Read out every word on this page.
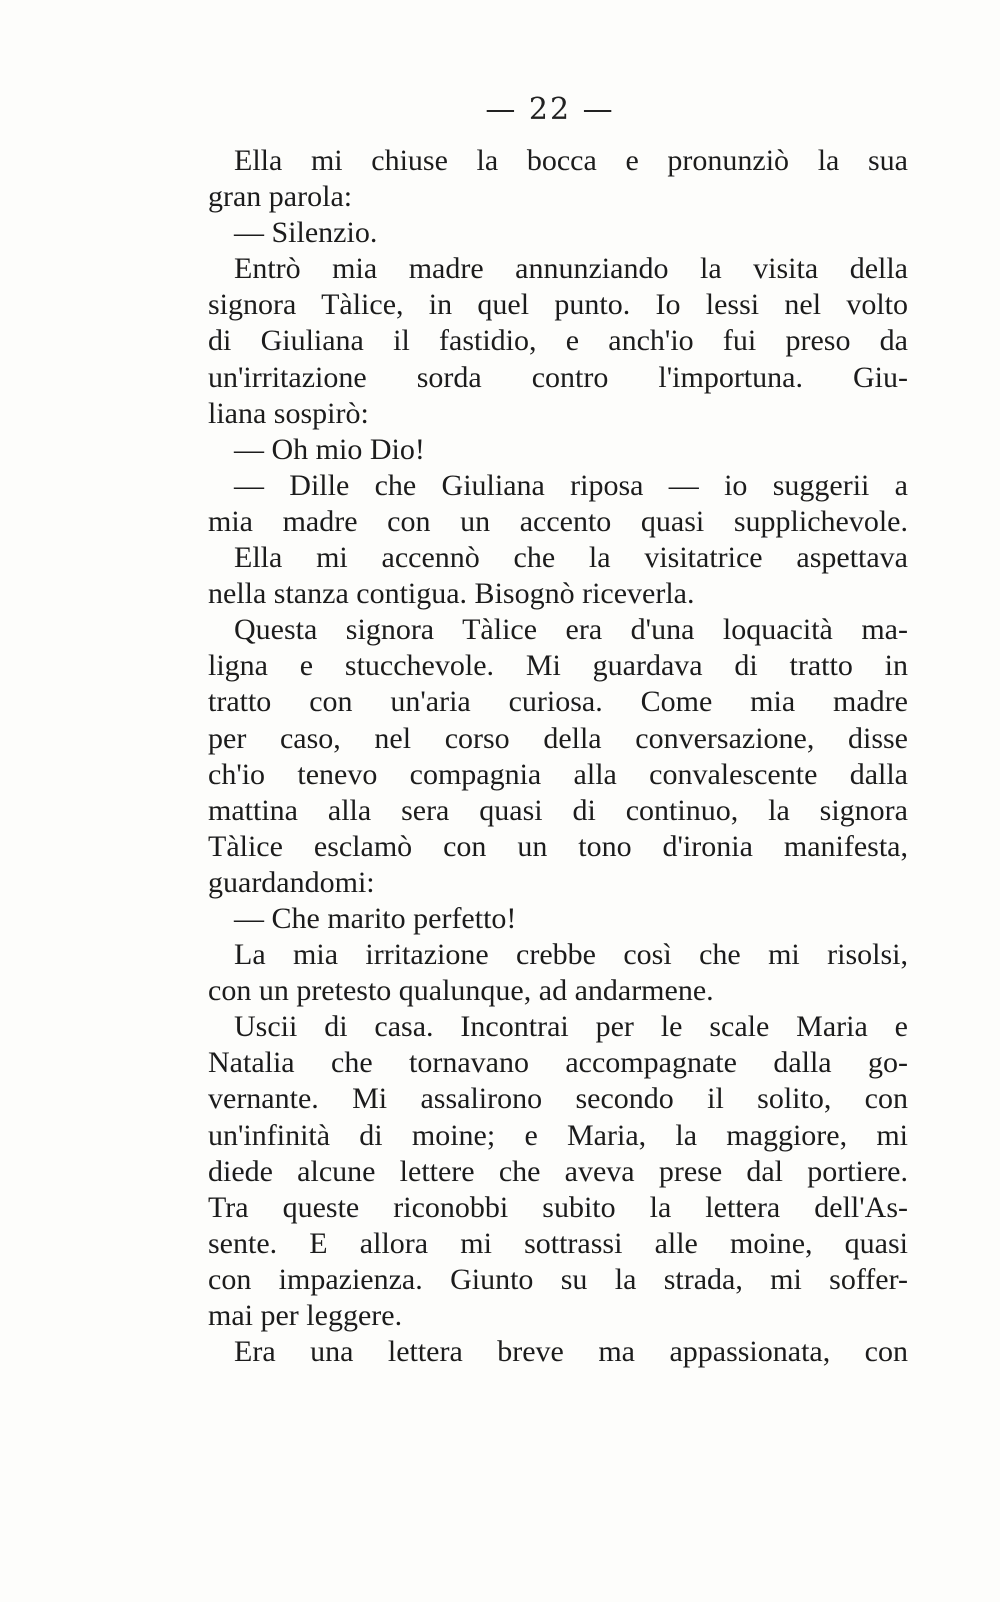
— 22 —
Ella mi chiuse la bocca e pronunziò la sua
gran parola:
— Silenzio.
Entrò mia madre annunziando la visita della
signora Tàlice, in quel punto. Io lessi nel volto
di Giuliana il fastidio, e anch'io fui preso da
un'irritazione sorda contro l'importuna. Giu-
liana sospirò:
— Oh mio Dio!
— Dille che Giuliana riposa — io suggerii a
mia madre con un accento quasi supplichevole.
Ella mi accennò che la visitatrice aspettava
nella stanza contigua. Bisognò riceverla.
Questa signora Tàlice era d'una loquacità ma-
ligna e stucchevole. Mi guardava di tratto in
tratto con un'aria curiosa. Come mia madre
per caso, nel corso della conversazione, disse
ch'io tenevo compagnia alla convalescente dalla
mattina alla sera quasi di continuo, la signora
Tàlice esclamò con un tono d'ironia manifesta,
guardandomi:
— Che marito perfetto!
La mia irritazione crebbe così che mi risolsi,
con un pretesto qualunque, ad andarmene.
Uscii di casa. Incontrai per le scale Maria e
Natalia che tornavano accompagnate dalla go-
vernante. Mi assalirono secondo il solito, con
un'infinità di moine; e Maria, la maggiore, mi
diede alcune lettere che aveva prese dal portiere.
Tra queste riconobbi subito la lettera dell'As-
sente. E allora mi sottrassi alle moine, quasi
con impazienza. Giunto su la strada, mi soffer-
mai per leggere.
Era una lettera breve ma appassionata, con
